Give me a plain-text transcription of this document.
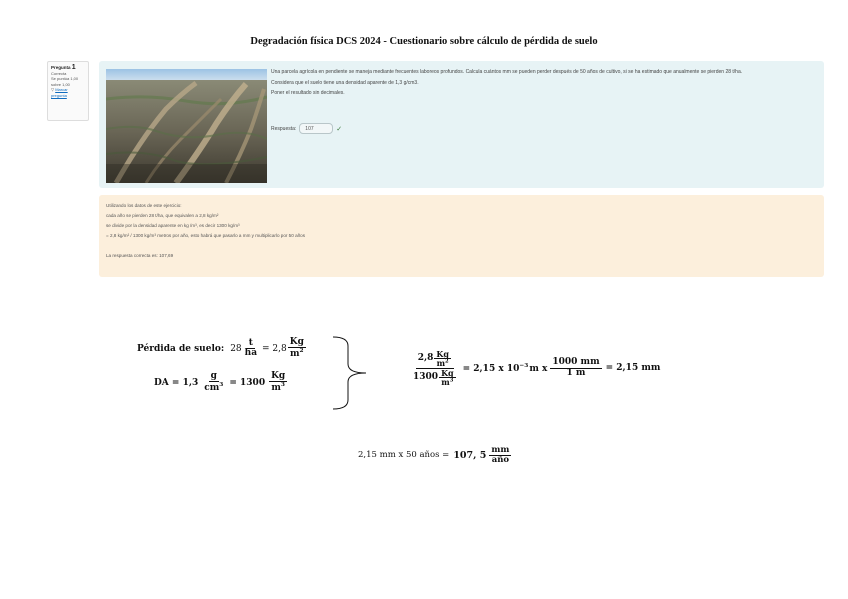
Degradación física DCS 2024 - Cuestionario sobre cálculo de pérdida de suelo
Pregunta 1
Correcta
Se puntúa 1,00
sobre 1,00
▽ Marcar
pregunta

Una parcela agrícola en pendiente se maneja mediante frecuentes laboreos profundos. Calcula cuántos mm se pueden perder después de 50 años de cultivo, si se ha estimado que anualmente se pierden 28 t/ha.

Considera que el suelo tiene una densidad aparente de 1,3 g/cm3.

Poner el resultado sin decimales.

Respuesta:	107	✓
Utilizando los datos de este ejercicio:
cada año se pierden 28 t/ha, que equivalen a 2,8 kg/m²
se divide por la densidad aparente en kg /m³, es decir 1300 kg/m³
= 2,8 kg/m² / 1300 kg/m³ metros por año, esto habrá que pasarlo a mm y multiplicarlo por 50 años
La respuesta correcta es: 107,69
Pérdida de suelo: $28 \frac{t}{ha} = 2,8 \frac{Kg}{m^2}$
DA = $1,3 \frac{g}{cm^3} = 1300 \frac{Kg}{m^3}$	$\frac{2,8 \frac{Kg}{m^2}}{1300 \frac{Kg}{m^3}} = 2,15$ x $10^{-3}m$ x $\frac{1000 mm}{1 m} = 2,15$ mm
2,15 mm x 50 años = 107, $5 \frac{mm}{\text{año}}$
